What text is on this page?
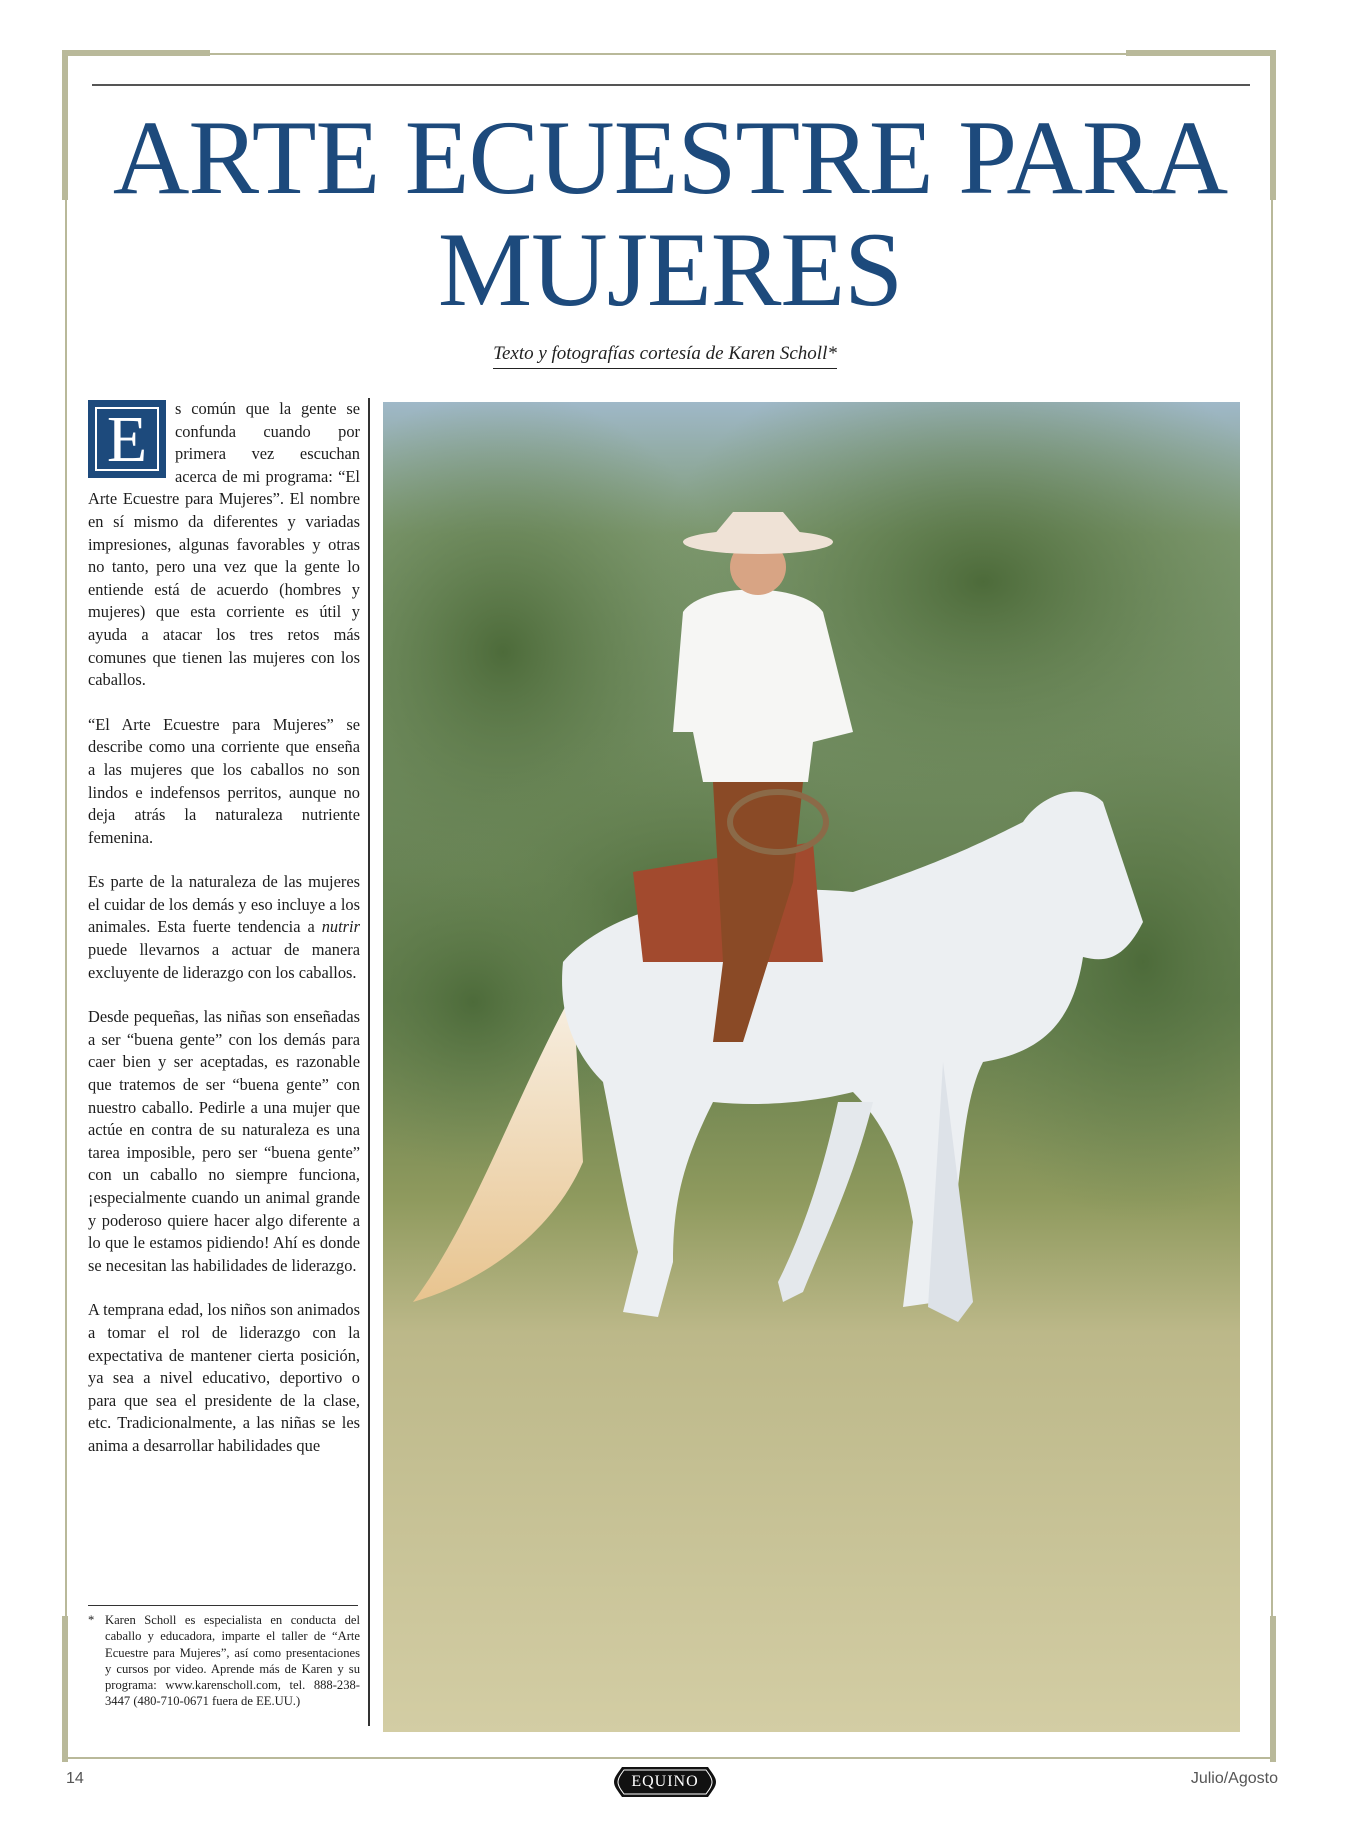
ARTE ECUESTRE PARA
MUJERES
Texto y fotografías cortesía de Karen Scholl*

E	s común que la gente se confunda cuando por primera vez escuchan acerca de mi programa: “El Arte Ecuestre para Mujeres”. El nombre en sí mismo da diferentes y variadas impresiones, algunas favorables y otras no tanto, pero una vez que la gente lo entiende está de acuerdo (hombres y mujeres) que esta corriente es útil y ayuda a atacar los tres retos más comunes que tienen las mujeres con los caballos.

“El Arte Ecuestre para Mujeres” se describe como una corriente que enseña a las mujeres que los caballos no son lindos e indefensos perritos, aunque no deja atrás la naturaleza nutriente femenina.

Es parte de la naturaleza de las mujeres el cuidar de los demás y eso incluye a los animales. Esta fuerte tendencia a nutrir puede llevarnos a actuar de manera excluyente de liderazgo con los caballos.

Desde pequeñas, las niñas son enseñadas a ser “buena gente” con los demás para caer bien y ser aceptadas, es razonable que tratemos de ser “buena gente” con nuestro caballo. Pedirle a una mujer que actúe en contra de su naturaleza es una tarea imposible, pero ser “buena gente” con un caballo no siempre funciona, ¡especialmente cuando un animal grande y poderoso quiere hacer algo diferente a lo que le estamos pidiendo! Ahí es donde se necesitan las habilidades de liderazgo.

A temprana edad, los niños son animados a tomar el rol de liderazgo con la expectativa de mantener cierta posición, ya sea a nivel educativo, deportivo o para que sea el presidente de la clase, etc. Tradicionalmente, a las niñas se les anima a desarrollar habilidades que

* Karen Scholl es especialista en conducta del caballo y educadora, imparte el taller de “Arte Ecuestre para Mujeres”, así como presentaciones y cursos por video. Aprende más de Karen y su programa: www.karenscholl.com, tel. 888-238-3447 (480-710-0671 fuera de EE.UU.)
14	EQUINO	Julio/Agosto
